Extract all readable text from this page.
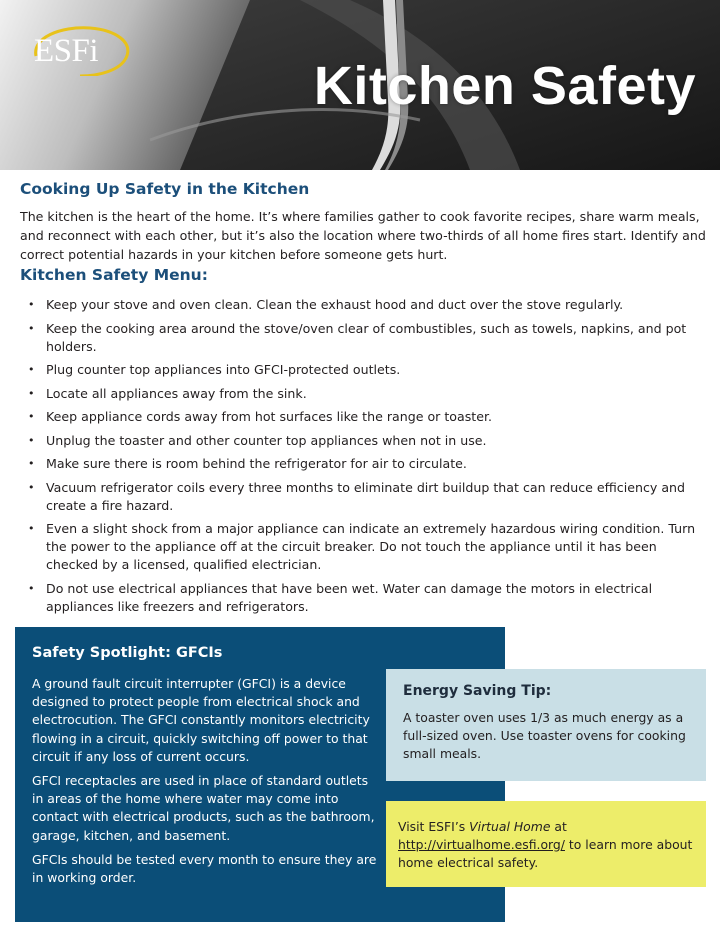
ESFi
Kitchen Safety
Cooking Up Safety in the Kitchen

The kitchen is the heart of the home. It’s where families gather to cook favorite recipes, share warm meals, and reconnect with each other, but it’s also the location where two-thirds of all home fires start. Identify and correct potential hazards in your kitchen before someone gets hurt.

Kitchen Safety Menu:
• Keep your stove and oven clean. Clean the exhaust hood and duct over the stove regularly.
• Keep the cooking area around the stove/oven clear of combustibles, such as towels, napkins, and pot holders.
• Plug counter top appliances into GFCI-protected outlets.
• Locate all appliances away from the sink.
• Keep appliance cords away from hot surfaces like the range or toaster.
• Unplug the toaster and other counter top appliances when not in use.
• Make sure there is room behind the refrigerator for air to circulate.
• Vacuum refrigerator coils every three months to eliminate dirt buildup that can reduce efficiency and create a fire hazard.
• Even a slight shock from a major appliance can indicate an extremely hazardous wiring condition. Turn the power to the appliance off at the circuit breaker. Do not touch the appliance until it has been checked by a licensed, qualified electrician.
• Do not use electrical appliances that have been wet. Water can damage the motors in electrical appliances like freezers and refrigerators.
Safety Spotlight: GFCIs

A ground fault circuit interrupter (GFCI) is a device designed to protect people from electrical shock and electrocution. The GFCI constantly monitors electricity flowing in a circuit, quickly switching off power to that circuit if any loss of current occurs.

GFCI receptacles are used in place of standard outlets in areas of the home where water may come into contact with electrical products, such as the bathroom, garage, kitchen, and basement.

GFCIs should be tested every month to ensure they are in working order.

Energy Saving Tip:

A toaster oven uses 1/3 as much energy as a full-sized oven. Use toaster ovens for cooking small meals.

Visit ESFI’s Virtual Home at
http://virtualhome.esfi.org/ to learn more about home electrical safety.
